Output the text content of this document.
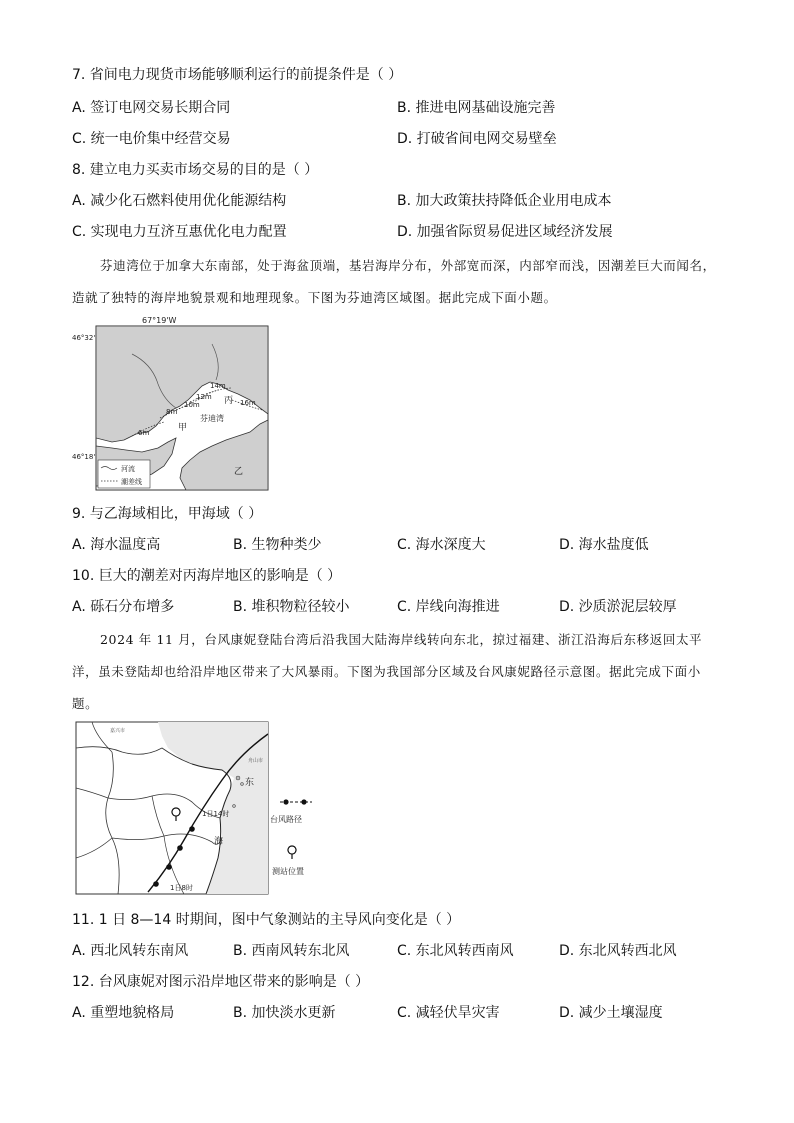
7. 省间电力现货市场能够顺利运行的前提条件是（ ）
A. 签订电网交易长期合同	B. 推进电网基础设施完善
C. 统一电价集中经营交易	D. 打破省间电网交易壁垒
8. 建立电力买卖市场交易的目的是（ ）
A. 减少化石燃料使用优化能源结构	B. 加大政策扶持降低企业用电成本
C. 实现电力互济互惠优化电力配置	D. 加强省际贸易促进区域经济发展
芬迪湾位于加拿大东南部，处于海盆顶端，基岩海岸分布，外部宽而深，内部窄而浅，因潮差巨大而闻名，造就了独特的海岸地貌景观和地理现象。下图为芬迪湾区域图。据此完成下面小题。
67°19'W
46°32'
46°18'
14m
12m
10m
8m
6m
16m
芬迪湾
丙
甲
乙
河流
潮差线
9. 与乙海域相比，甲海域（ ）
A. 海水温度高	B. 生物种类少	C. 海水深度大	D. 海水盐度低
10. 巨大的潮差对丙海岸地区的影响是（ ）
A. 砾石分布增多	B. 堆积物粒径较小	C. 岸线向海推进	D. 沙质淤泥层较厚
2024 年 11 月，台风康妮登陆台湾后沿我国大陆海岸线转向东北，掠过福建、浙江沿海后东移返回太平洋，虽未登陆却也给沿岸地区带来了大风暴雨。下图为我国部分区域及台风康妮路径示意图。据此完成下面小题。
东
海
1日14时
1日8时
嘉兴市
舟山市
台风路径
测站位置
11. 1 日 8—14 时期间，图中气象测站的主导风向变化是（ ）
A. 西北风转东南风	B. 西南风转东北风	C. 东北风转西南风	D. 东北风转西北风
12. 台风康妮对图示沿岸地区带来的影响是（ ）
A. 重塑地貌格局	B. 加快淡水更新	C. 减轻伏旱灾害	D. 减少土壤湿度
